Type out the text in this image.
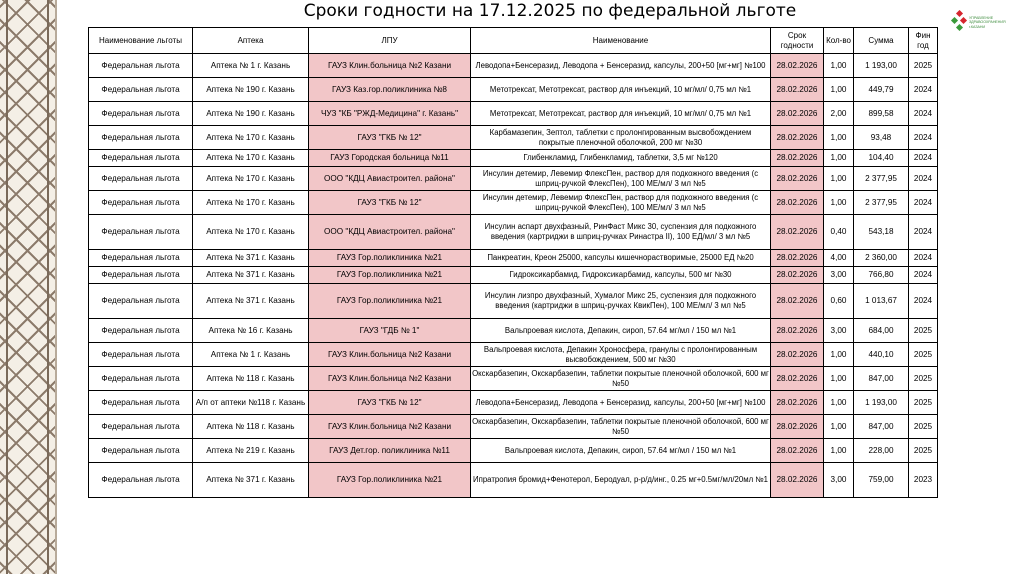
Сроки годности на 17.12.2025 по федеральной льготе	УПРАВЛЕНИЕ ЗДРАВООХРАНЕНИЯ г.КАЗАНИ
Наименование льготы	Аптека	ЛПУ	Наименование	Срок годности	Кол-во	Сумма	Фин год
Федеральная льгота	Аптека № 1 г. Казань	ГАУЗ Клин.больница №2 Казани	Леводопа+Бенсеразид, Леводопа + Бенсеразид, капсулы, 200+50 [мг+мг] №100	28.02.2026	1,00	1 193,00	2025
Федеральная льгота	Аптека № 190 г. Казань	ГАУЗ Каз.гор.поликлиника №8	Метотрексат, Метотрексат, раствор для инъекций, 10 мг/мл/ 0,75 мл №1	28.02.2026	1,00	449,79	2024
Федеральная льгота	Аптека № 190 г. Казань	ЧУЗ "КБ "РЖД-Медицина" г. Казань"	Метотрексат, Метотрексат, раствор для инъекций, 10 мг/мл/ 0,75 мл №1	28.02.2026	2,00	899,58	2024
Федеральная льгота	Аптека № 170 г. Казань	ГАУЗ "ГКБ № 12"	Карбамазепин, Зептол, таблетки с пролонгированным высвобождением покрытые пленочной оболочкой, 200 мг №30	28.02.2026	1,00	93,48	2024
Федеральная льгота	Аптека № 170 г. Казань	ГАУЗ Городская больница №11	Глибенкламид, Глибенкламид, таблетки, 3,5 мг №120	28.02.2026	1,00	104,40	2024
Федеральная льгота	Аптека № 170 г. Казань	ООО "КДЦ Авиастроител. района"	Инсулин детемир, Левемир ФлексПен, раствор для подкожного введения (с шприц-ручкой ФлексПен), 100 МЕ/мл/ 3 мл №5	28.02.2026	1,00	2 377,95	2024
Федеральная льгота	Аптека № 170 г. Казань	ГАУЗ "ГКБ № 12"	Инсулин детемир, Левемир ФлексПен, раствор для подкожного введения (с шприц-ручкой ФлексПен), 100 МЕ/мл/ 3 мл №5	28.02.2026	1,00	2 377,95	2024
Федеральная льгота	Аптека № 170 г. Казань	ООО "КДЦ Авиастроител. района"	Инсулин аспарт двухфазный, РинФаст Микс 30, суспензия для подкожного введения (картриджи в шприц-ручках Ринастра II), 100 ЕД/мл/ 3 мл №5	28.02.2026	0,40	543,18	2024
Федеральная льгота	Аптека № 371 г. Казань	ГАУЗ Гор.поликлиника №21	Панкреатин, Креон 25000, капсулы кишечнорастворимые, 25000 ЕД №20	28.02.2026	4,00	2 360,00	2024
Федеральная льгота	Аптека № 371 г. Казань	ГАУЗ Гор.поликлиника №21	Гидроксикарбамид, Гидроксикарбамид, капсулы, 500 мг №30	28.02.2026	3,00	766,80	2024
Федеральная льгота	Аптека № 371 г. Казань	ГАУЗ Гор.поликлиника №21	Инсулин лизпро двухфазный, Хумалог Микс 25, суспензия для подкожного введения (картриджи в шприц-ручках КвикПен), 100 МЕ/мл/ 3 мл №5	28.02.2026	0,60	1 013,67	2024
Федеральная льгота	Аптека № 16 г. Казань	ГАУЗ "ГДБ № 1"	Вальпроевая кислота, Депакин, сироп, 57.64 мг/мл / 150 мл №1	28.02.2026	3,00	684,00	2025
Федеральная льгота	Аптека № 1 г. Казань	ГАУЗ Клин.больница №2 Казани	Вальпроевая кислота, Депакин Хроносфера, гранулы с пролонгированным высвобождением, 500 мг №30	28.02.2026	1,00	440,10	2025
Федеральная льгота	Аптека № 118 г. Казань	ГАУЗ Клин.больница №2 Казани	Окскарбазепин, Окскарбазепин, таблетки покрытые пленочной оболочкой, 600 мг №50	28.02.2026	1,00	847,00	2025
Федеральная льгота	А/п от аптеки №118 г. Казань	ГАУЗ "ГКБ № 12"	Леводопа+Бенсеразид, Леводопа + Бенсеразид, капсулы, 200+50 [мг+мг] №100	28.02.2026	1,00	1 193,00	2025
Федеральная льгота	Аптека № 118 г. Казань	ГАУЗ Клин.больница №2 Казани	Окскарбазепин, Окскарбазепин, таблетки покрытые пленочной оболочкой, 600 мг №50	28.02.2026	1,00	847,00	2025
Федеральная льгота	Аптека № 219 г. Казань	ГАУЗ Дет.гор. поликлиника №11	Вальпроевая кислота, Депакин, сироп, 57.64 мг/мл / 150 мл №1	28.02.2026	1,00	228,00	2025
Федеральная льгота	Аптека № 371 г. Казань	ГАУЗ Гор.поликлиника №21	Ипратропия бромид+Фенотерол, Беродуал, р-р/д/инг., 0.25 мг+0.5мг/мл/20мл №1	28.02.2026	3,00	759,00	2023
